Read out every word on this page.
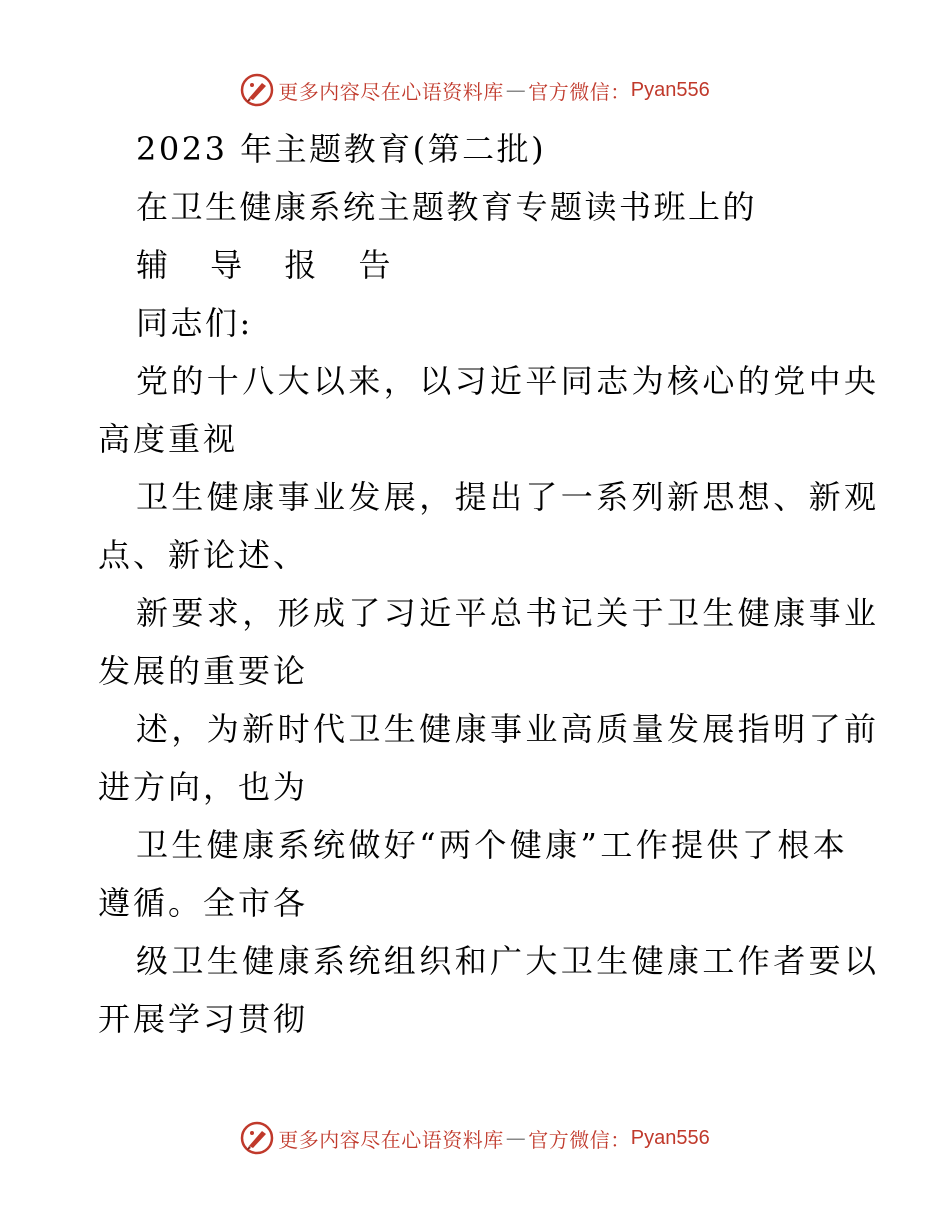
更多内容尽在心语资料库 — 官方微信： Pyan556
2023 年主题教育(第二批)
在卫生健康系统主题教育专题读书班上的
辅 导 报 告
同志们:
党的十八大以来，以习近平同志为核心的党中央
高度重视
卫生健康事业发展，提出了一系列新思想、新观
点、新论述、
新要求，形成了习近平总书记关于卫生健康事业
发展的重要论
述，为新时代卫生健康事业高质量发展指明了前
进方向，也为
卫生健康系统做好“两个健康”工作提供了根本
遵循。全市各
级卫生健康系统组织和广大卫生健康工作者要以
开展学习贯彻
更多内容尽在心语资料库 — 官方微信： Pyan556
